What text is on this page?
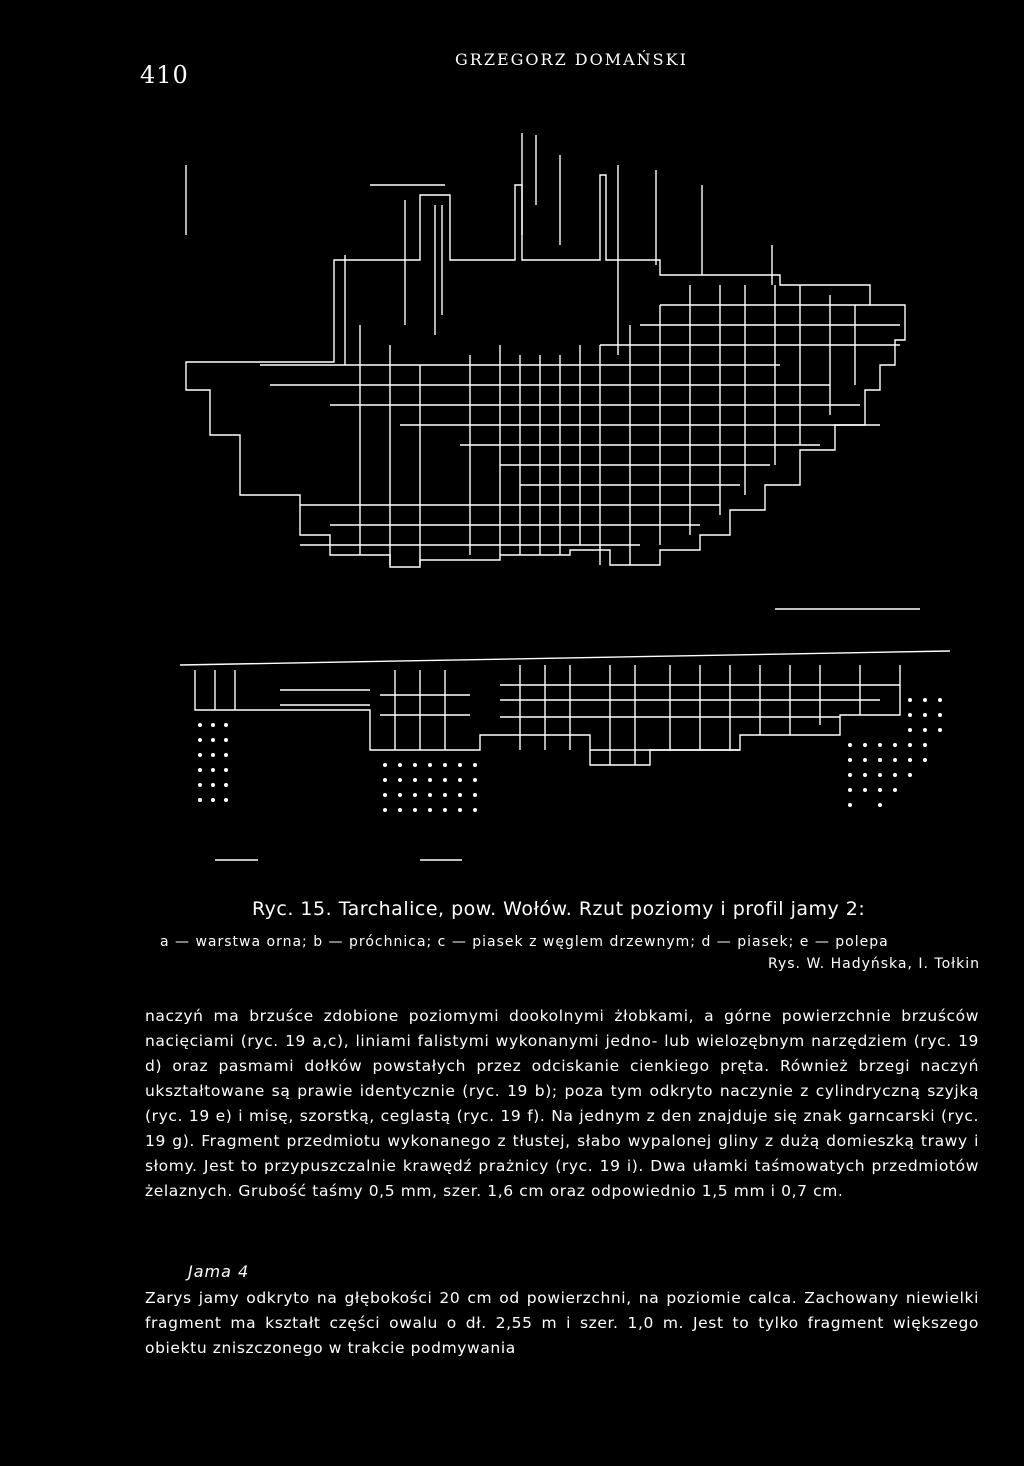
410
GRZEGORZ DOMAŃSKI
Ryc. 15. Tarchalice, pow. Wołów. Rzut poziomy i profil jamy 2:
a — warstwa orna; b — próchnica; c — piasek z węglem drzewnym; d — piasek; e — polepa
Rys. W. Hadyńska, I. Tołkin

naczyń ma brzuśce zdobione poziomymi dookolnymi żłobkami, a górne powierzchnie brzuśców nacięciami (ryc. 19 a,c), liniami falistymi wykonanymi jedno- lub wielozębnym narzędziem (ryc. 19 d) oraz pasmami dołków powstałych przez odciskanie cienkiego pręta. Również brzegi naczyń ukształtowane są prawie identycznie (ryc. 19 b); poza tym odkryto naczynie z cylindryczną szyjką (ryc. 19 e) i misę, szorstką, ceglastą (ryc. 19 f). Na jednym z den znajduje się znak garncarski (ryc. 19 g). Fragment przedmiotu wykonanego z tłustej, słabo wypalonej gliny z dużą domieszką trawy i słomy. Jest to przypuszczalnie krawędź prażnicy (ryc. 19 i). Dwa ułamki taśmowatych przedmiotów żelaznych. Grubość taśmy 0,5 mm, szer. 1,6 cm oraz odpowiednio 1,5 mm i 0,7 cm.

Jama 4

Zarys jamy odkryto na głębokości 20 cm od powierzchni, na poziomie calca. Zachowany niewielki fragment ma kształt części owalu o dł. 2,55 m i szer. 1,0 m. Jest to tylko fragment większego obiektu zniszczonego w trakcie podmywania
